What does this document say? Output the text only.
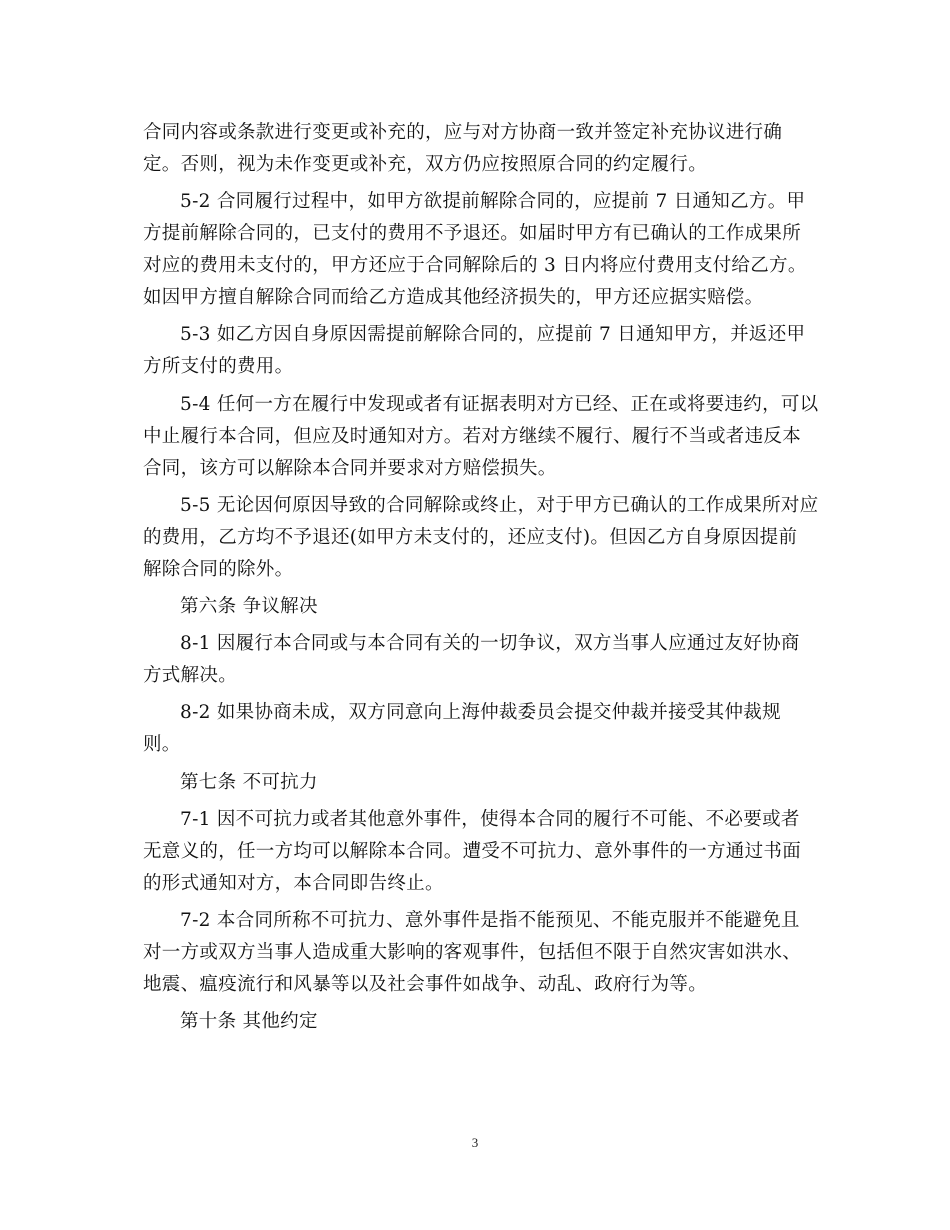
合同内容或条款进行变更或补充的，应与对方协商一致并签定补充协议进行确
定。否则，视为未作变更或补充，双方仍应按照原合同的约定履行。
5-2 合同履行过程中，如甲方欲提前解除合同的，应提前 7 日通知乙方。甲
方提前解除合同的，已支付的费用不予退还。如届时甲方有已确认的工作成果所
对应的费用未支付的，甲方还应于合同解除后的 3 日内将应付费用支付给乙方。
如因甲方擅自解除合同而给乙方造成其他经济损失的，甲方还应据实赔偿。
5-3 如乙方因自身原因需提前解除合同的，应提前 7 日通知甲方，并返还甲
方所支付的费用。
5-4 任何一方在履行中发现或者有证据表明对方已经、正在或将要违约，可以
中止履行本合同，但应及时通知对方。若对方继续不履行、履行不当或者违反本
合同，该方可以解除本合同并要求对方赔偿损失。
5-5 无论因何原因导致的合同解除或终止，对于甲方已确认的工作成果所对应
的费用，乙方均不予退还(如甲方未支付的，还应支付)。但因乙方自身原因提前
解除合同的除外。
第六条 争议解决
8-1 因履行本合同或与本合同有关的一切争议，双方当事人应通过友好协商
方式解决。
8-2 如果协商未成，双方同意向上海仲裁委员会提交仲裁并接受其仲裁规
则。
第七条 不可抗力
7-1 因不可抗力或者其他意外事件，使得本合同的履行不可能、不必要或者
无意义的，任一方均可以解除本合同。遭受不可抗力、意外事件的一方通过书面
的形式通知对方，本合同即告终止。
7-2 本合同所称不可抗力、意外事件是指不能预见、不能克服并不能避免且
对一方或双方当事人造成重大影响的客观事件，包括但不限于自然灾害如洪水、
地震、瘟疫流行和风暴等以及社会事件如战争、动乱、政府行为等。
第十条 其他约定
3
